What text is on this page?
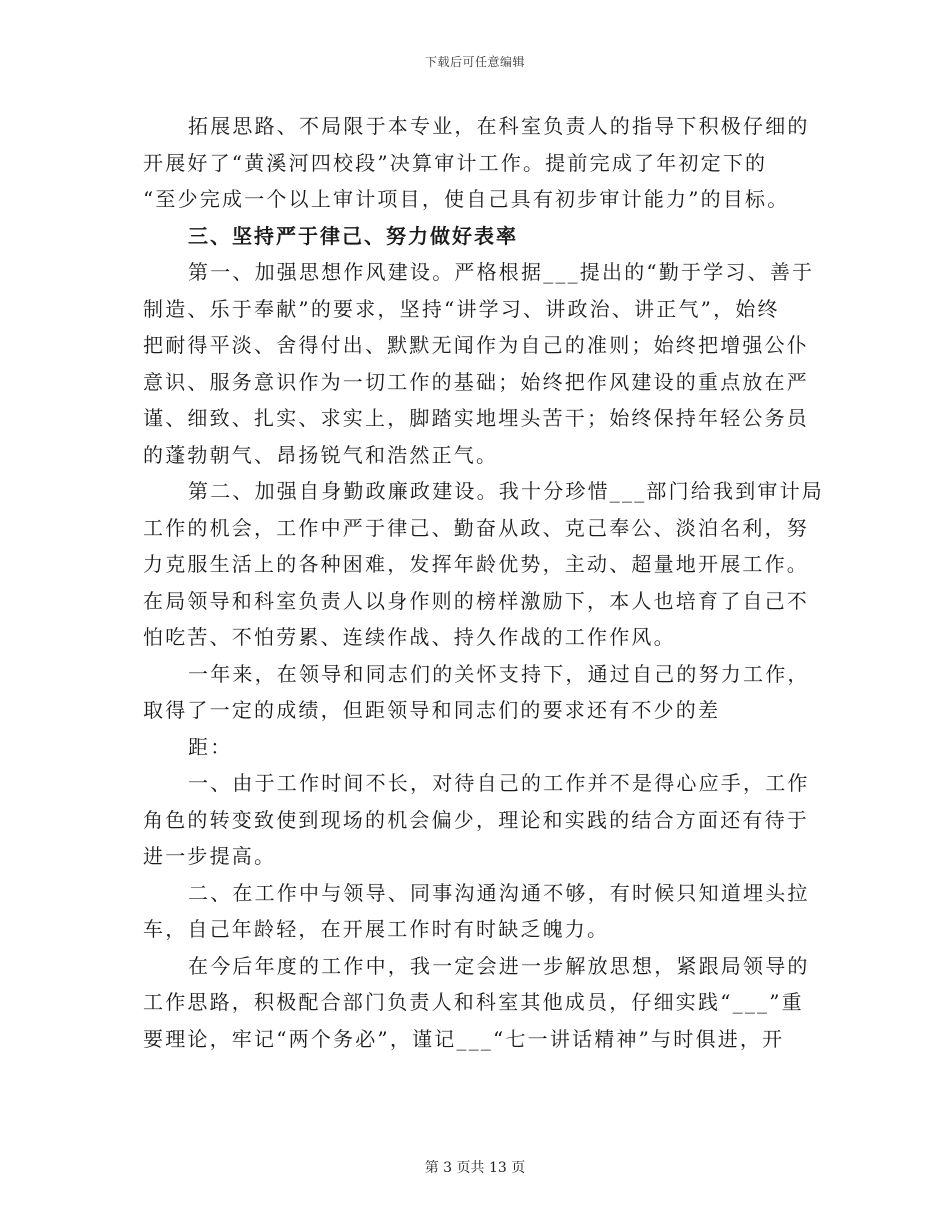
下载后可任意编辑
拓展思路、不局限于本专业，在科室负责人的指导下积极仔细的
开展好了“黄溪河四校段”决算审计工作。提前完成了年初定下的
“至少完成一个以上审计项目，使自己具有初步审计能力”的目标。
三、坚持严于律己、努力做好表率
第一、加强思想作风建设。严格根据___提出的“勤于学习、善于
制造、乐于奉献”的要求，坚持“讲学习、讲政治、讲正气”，始终
把耐得平淡、舍得付出、默默无闻作为自己的准则；始终把增强公仆
意识、服务意识作为一切工作的基础；始终把作风建设的重点放在严
谨、细致、扎实、求实上，脚踏实地埋头苦干；始终保持年轻公务员
的蓬勃朝气、昂扬锐气和浩然正气。
第二、加强自身勤政廉政建设。我十分珍惜___部门给我到审计局
工作的机会，工作中严于律己、勤奋从政、克己奉公、淡泊名利，努
力克服生活上的各种困难，发挥年龄优势，主动、超量地开展工作。
在局领导和科室负责人以身作则的榜样激励下，本人也培育了自己不
怕吃苦、不怕劳累、连续作战、持久作战的工作作风。
一年来，在领导和同志们的关怀支持下，通过自己的努力工作，
取得了一定的成绩，但距领导和同志们的要求还有不少的差
距：
一、由于工作时间不长，对待自己的工作并不是得心应手，工作
角色的转变致使到现场的机会偏少，理论和实践的结合方面还有待于
进一步提高。
二、在工作中与领导、同事沟通沟通不够，有时候只知道埋头拉
车，自己年龄轻，在开展工作时有时缺乏魄力。
在今后年度的工作中，我一定会进一步解放思想，紧跟局领导的
工作思路，积极配合部门负责人和科室其他成员，仔细实践“___”重
要理论，牢记“两个务必”，谨记___“七一讲话精神”与时俱进，开
第 3 页共 13 页
